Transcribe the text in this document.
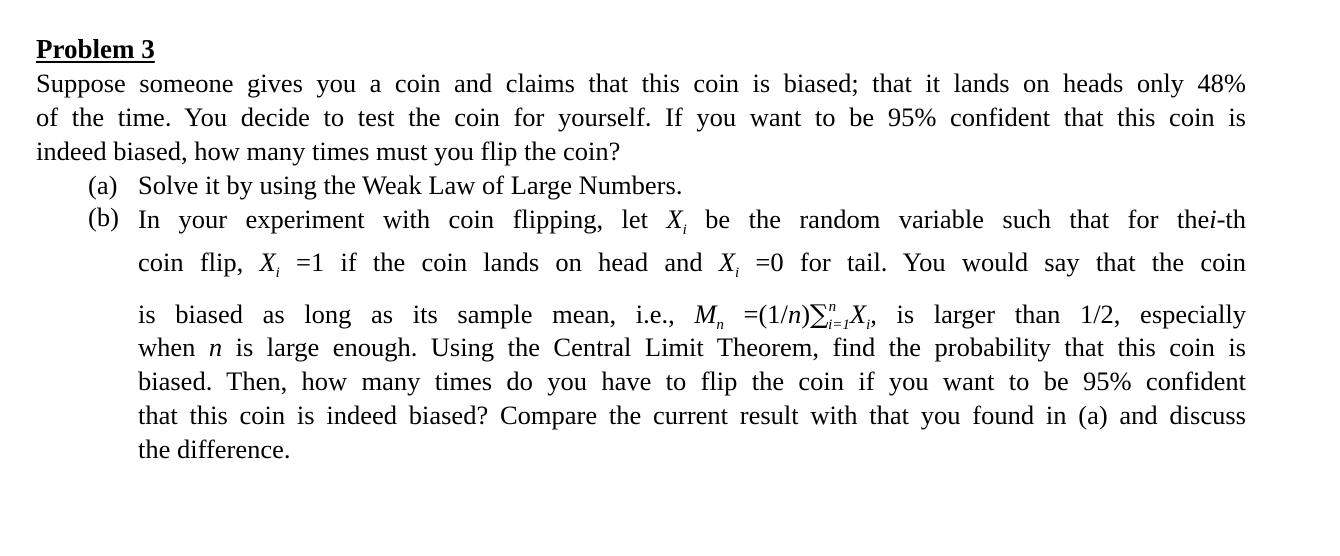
Problem 3
Suppose someone gives you a coin and claims that this coin is biased; that it lands on heads only 48%
of the time. You decide to test the coin for yourself. If you want to be 95% confident that this coin is
indeed biased, how many times must you flip the coin?
(a) Solve it by using the Weak Law of Large Numbers.
(b) In your experiment with coin flipping, let $X_i$ be the random variable such that for thei-th
coin flip, $X_i =1$ if the coin lands on head and $X_i =0$ for tail. You would say that the coin
is biased as long as its sample mean, i.e., $M_n =(1/n)\sum^n_{i=1}X_i$, is larger than 1/2, especially
when n is large enough. Using the Central Limit Theorem, find the probability that this coin is
biased. Then, how many times do you have to flip the coin if you want to be 95% confident
that this coin is indeed biased? Compare the current result with that you found in (a) and discuss
the difference.
